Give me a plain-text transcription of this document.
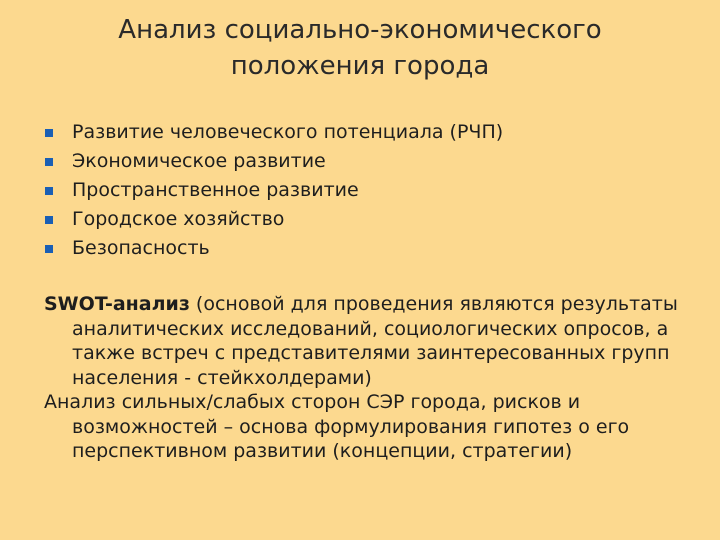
Анализ социально-экономического
положения города
Развитие человеческого потенциала (РЧП)
Экономическое развитие
Пространственное развитие
Городское хозяйство
Безопасность

SWOT-анализ (основой для проведения являются результаты аналитических исследований, социологических опросов, а также встреч с представителями заинтересованных групп населения - стейкхолдерами)

Анализ сильных/слабых сторон СЭР города, рисков и возможностей – основа формулирования гипотез о его перспективном развитии (концепции, стратегии)
